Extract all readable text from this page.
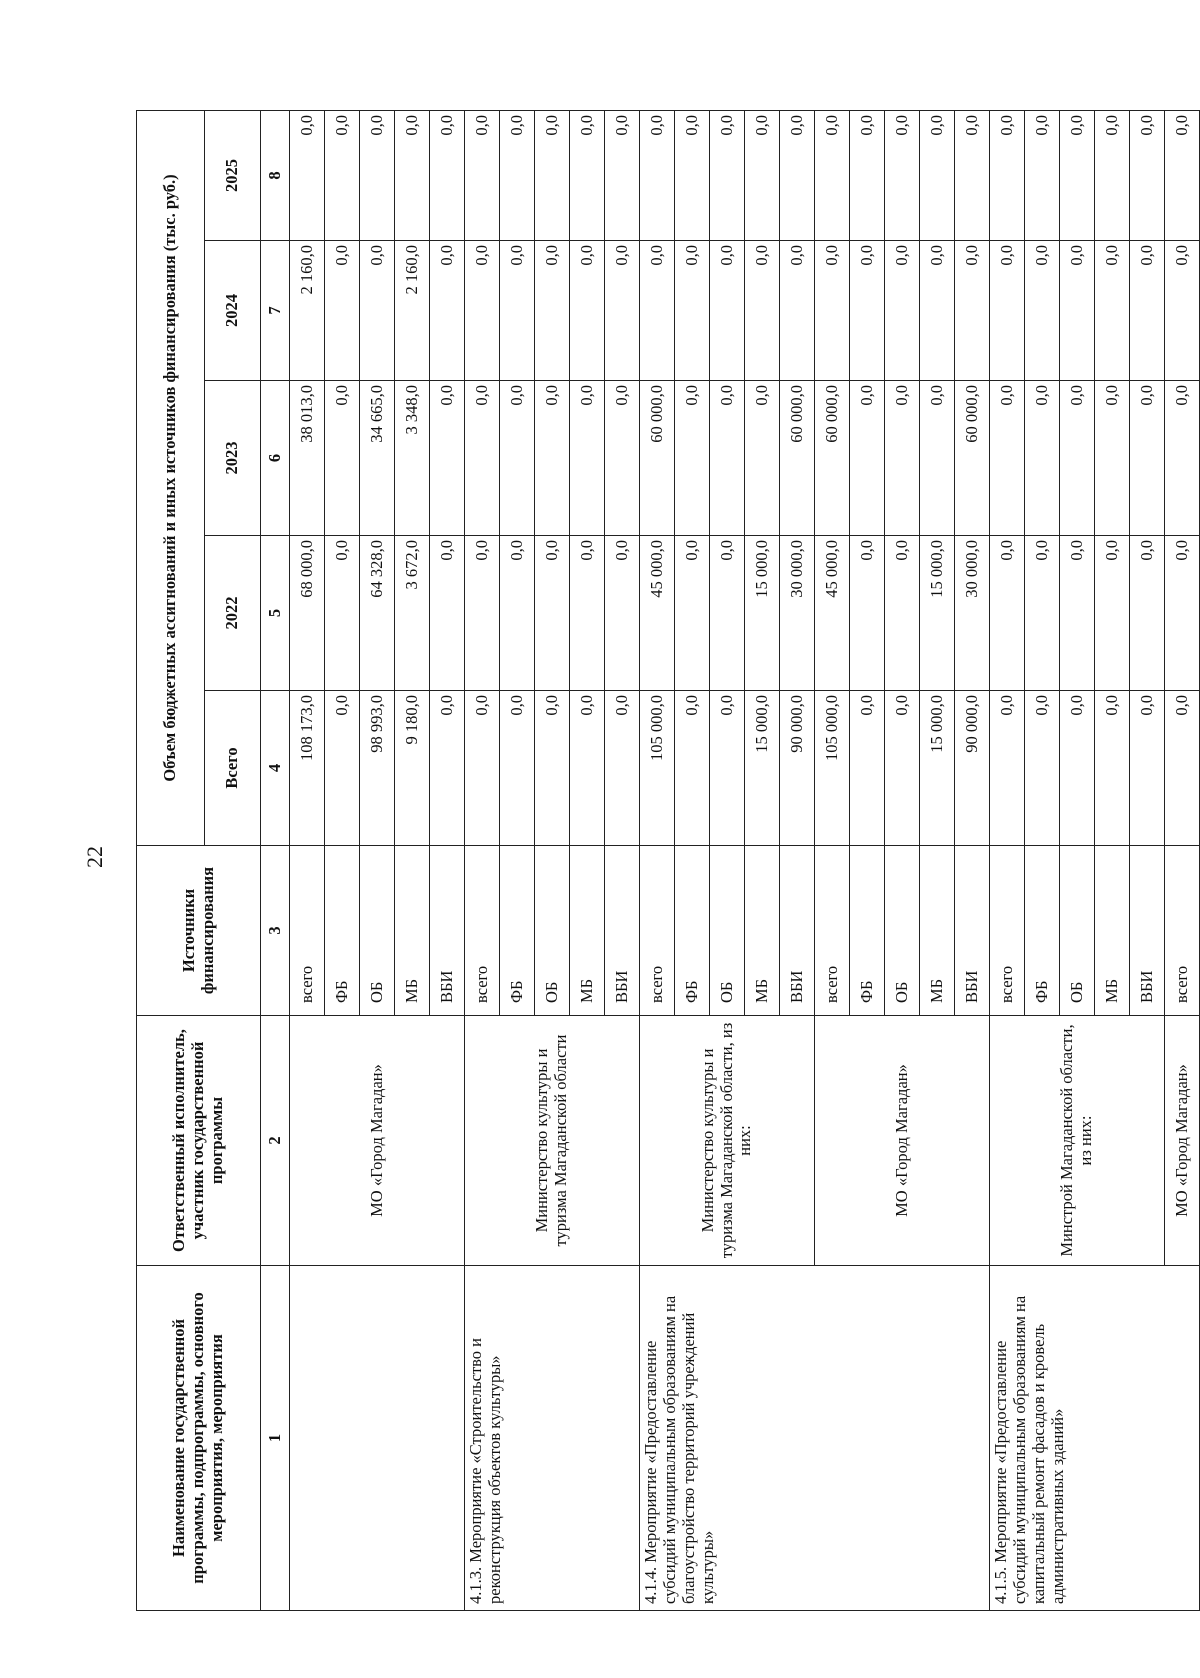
22
Наименование государственной программы, подпрограммы, основного мероприятия, мероприятия	Ответственный исполнитель, участник государственной программы	Источники финансирования	Объем бюджетных ассигнований и иных источников финансирования (тыс. руб.)				
			Всего	2022	2023	2024	2025
1	2	3	4	5	6	7	8
	МО «Город Магадан»	всего	108 173,0	68 000,0	38 013,0	2 160,0	0,0
		ФБ	0,0	0,0	0,0	0,0	0,0
		ОБ	98 993,0	64 328,0	34 665,0	0,0	0,0
		МБ	9 180,0	3 672,0	3 348,0	2 160,0	0,0
		ВБИ	0,0	0,0	0,0	0,0	0,0
4.1.3. Мероприятие «Строительство и реконструкция объектов культуры»	Министерство культуры и туризма Магаданской области	всего	0,0	0,0	0,0	0,0	0,0
		ФБ	0,0	0,0	0,0	0,0	0,0
		ОБ	0,0	0,0	0,0	0,0	0,0
		МБ	0,0	0,0	0,0	0,0	0,0
		ВБИ	0,0	0,0	0,0	0,0	0,0
4.1.4. Мероприятие «Предоставление субсидий муниципальным образованиям на благоустройство территорий учреждений культуры»	Министерство культуры и туризма Магаданской области, из них:	всего	105 000,0	45 000,0	60 000,0	0,0	0,0
		ФБ	0,0	0,0	0,0	0,0	0,0
		ОБ	0,0	0,0	0,0	0,0	0,0
		МБ	15 000,0	15 000,0	0,0	0,0	0,0
		ВБИ	90 000,0	30 000,0	60 000,0	0,0	0,0
	МО «Город Магадан»	всего	105 000,0	45 000,0	60 000,0	0,0	0,0
		ФБ	0,0	0,0	0,0	0,0	0,0
		ОБ	0,0	0,0	0,0	0,0	0,0
		МБ	15 000,0	15 000,0	0,0	0,0	0,0
		ВБИ	90 000,0	30 000,0	60 000,0	0,0	0,0
4.1.5. Мероприятие «Предоставление субсидий муниципальным образованиям на капитальный ремонт фасадов и кровель административных зданий»	Минстрой Магаданской области, из них:	всего	0,0	0,0	0,0	0,0	0,0
		ФБ	0,0	0,0	0,0	0,0	0,0
		ОБ	0,0	0,0	0,0	0,0	0,0
		МБ	0,0	0,0	0,0	0,0	0,0
		ВБИ	0,0	0,0	0,0	0,0	0,0
	МО «Город Магадан»	всего	0,0	0,0	0,0	0,0	0,0
